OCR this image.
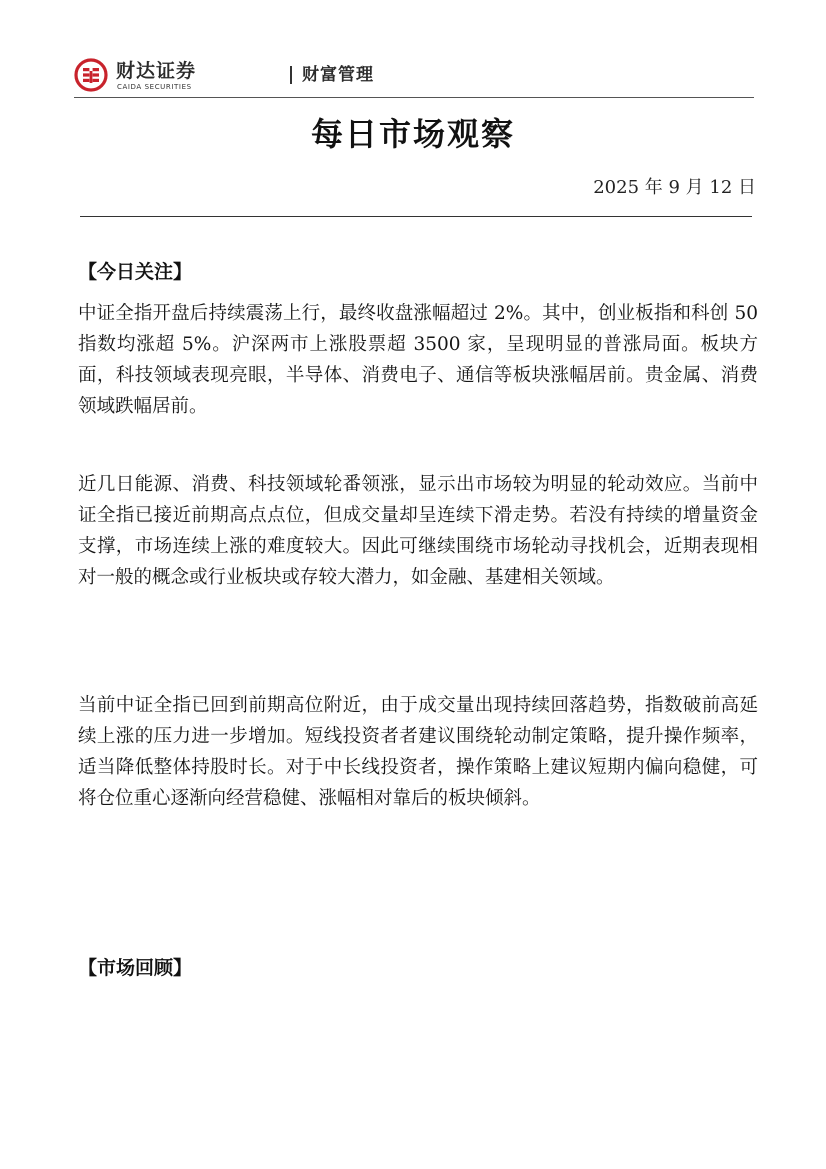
财达证券
CAIDA SECURITIES
财富管理
每日市场观察
2025 年 9 月 12 日
【今日关注】

中证全指开盘后持续震荡上行，最终收盘涨幅超过 2%。其中，创业板指和科创 50 指数均涨超 5%。沪深两市上涨股票超 3500 家，呈现明显的普涨局面。板块方面，科技领域表现亮眼，半导体、消费电子、通信等板块涨幅居前。贵金属、消费领域跌幅居前。

近几日能源、消费、科技领域轮番领涨，显示出市场较为明显的轮动效应。当前中证全指已接近前期高点点位，但成交量却呈连续下滑走势。若没有持续的增量资金支撑，市场连续上涨的难度较大。因此可继续围绕市场轮动寻找机会，近期表现相对一般的概念或行业板块或存较大潜力，如金融、基建相关领域。

当前中证全指已回到前期高位附近，由于成交量出现持续回落趋势，指数破前高延续上涨的压力进一步增加。短线投资者者建议围绕轮动制定策略，提升操作频率，适当降低整体持股时长。对于中长线投资者，操作策略上建议短期内偏向稳健，可将仓位重心逐渐向经营稳健、涨幅相对靠后的板块倾斜。

【市场回顾】
